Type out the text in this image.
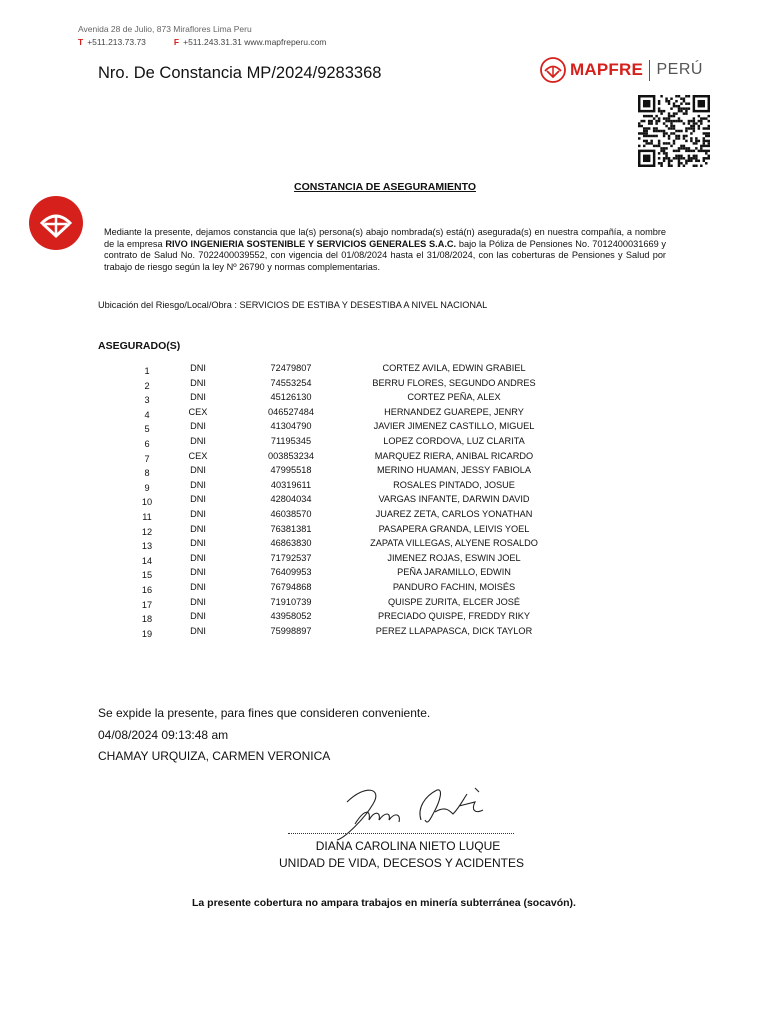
Avenida 28 de Julio, 873 Miraflores Lima Peru
T +511.213.73.73	F +511.243.31.31 www.mapfreperu.com
Nro. De Constancia MP/2024/9283368	MAPFRE PERÚ
CONSTANCIA DE ASEGURAMIENTO
Mediante la presente, dejamos constancia que la(s) persona(s) abajo nombrada(s) está(n) asegurada(s) en nuestra compañía, a nombre de la empresa RIVO INGENIERIA SOSTENIBLE Y SERVICIOS GENERALES S.A.C. bajo la Póliza de Pensiones No. 7012400031669 y contrato de Salud No. 7022400039552, con vigencia del 01/08/2024 hasta el 31/08/2024, con las coberturas de Pensiones y Salud por trabajo de riesgo según la ley Nº 26790 y normas complementarias.
Ubicación del Riesgo/Local/Obra : SERVICIOS DE ESTIBA Y DESESTIBA A NIVEL NACIONAL
ASEGURADO(S)
1	DNI	72479807	CORTEZ AVILA, EDWIN GRABIEL
2	DNI	74553254	BERRU FLORES, SEGUNDO ANDRES
3	DNI	45126130	CORTEZ PEÑA, ALEX
4	CEX	046527484	HERNANDEZ GUAREPE, JENRY
5	DNI	41304790	JAVIER JIMENEZ CASTILLO, MIGUEL
6	DNI	71195345	LOPEZ CORDOVA, LUZ CLARITA
7	CEX	003853234	MARQUEZ RIERA, ANIBAL RICARDO
8	DNI	47995518	MERINO HUAMAN, JESSY FABIOLA
9	DNI	40319611	ROSALES PINTADO, JOSUE
10	DNI	42804034	VARGAS INFANTE, DARWIN DAVID
11	DNI	46038570	JUAREZ ZETA, CARLOS YONATHAN
12	DNI	76381381	PASAPERA GRANDA, LEIVIS YOEL
13	DNI	46863830	ZAPATA VILLEGAS, ALYENE ROSALDO
14	DNI	71792537	JIMENEZ ROJAS, ESWIN JOEL
15	DNI	76409953	PEÑA JARAMILLO, EDWIN
16	DNI	76794868	PANDURO FACHIN, MOISÉS
17	DNI	71910739	QUISPE ZURITA, ELCER JOSÉ
18	DNI	43958052	PRECIADO QUISPE, FREDDY RIKY
19	DNI	75998897	PEREZ LLAPAPASCA, DICK TAYLOR
Se expide la presente, para fines que consideren conveniente.
04/08/2024 09:13:48 am
CHAMAY URQUIZA, CARMEN VERONICA
DIANA CAROLINA NIETO LUQUE
UNIDAD DE VIDA, DECESOS Y ACIDENTES
La presente cobertura no ampara trabajos en minería subterránea (socavón).
